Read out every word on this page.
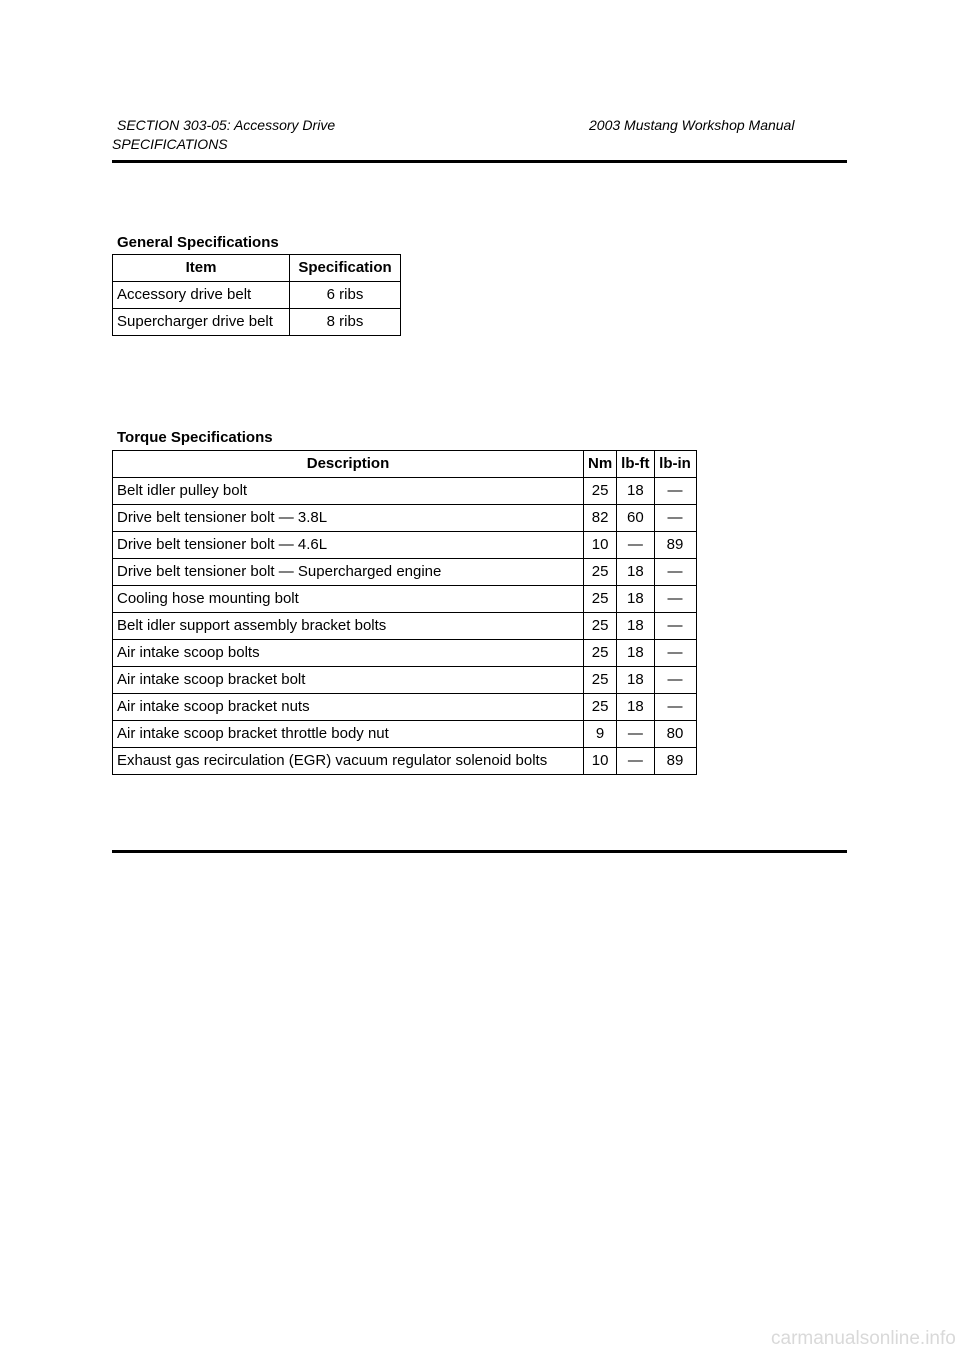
SECTION 303-05: Accessory Drive	2003 Mustang Workshop Manual
SPECIFICATIONS
General Specifications
Item	Specification
Accessory drive belt	6 ribs
Supercharger drive belt	8 ribs
Torque Specifications
Description	Nm	lb-ft	lb-in
Belt idler pulley bolt	25	18	—
Drive belt tensioner bolt — 3.8L	82	60	—
Drive belt tensioner bolt — 4.6L	10	—	89
Drive belt tensioner bolt — Supercharged engine	25	18	—
Cooling hose mounting bolt	25	18	—
Belt idler support assembly bracket bolts	25	18	—
Air intake scoop bolts	25	18	—
Air intake scoop bracket bolt	25	18	—
Air intake scoop bracket nuts	25	18	—
Air intake scoop bracket throttle body nut	9	—	80
Exhaust gas recirculation (EGR) vacuum regulator solenoid bolts	10	—	89
carmanualsonline.info
